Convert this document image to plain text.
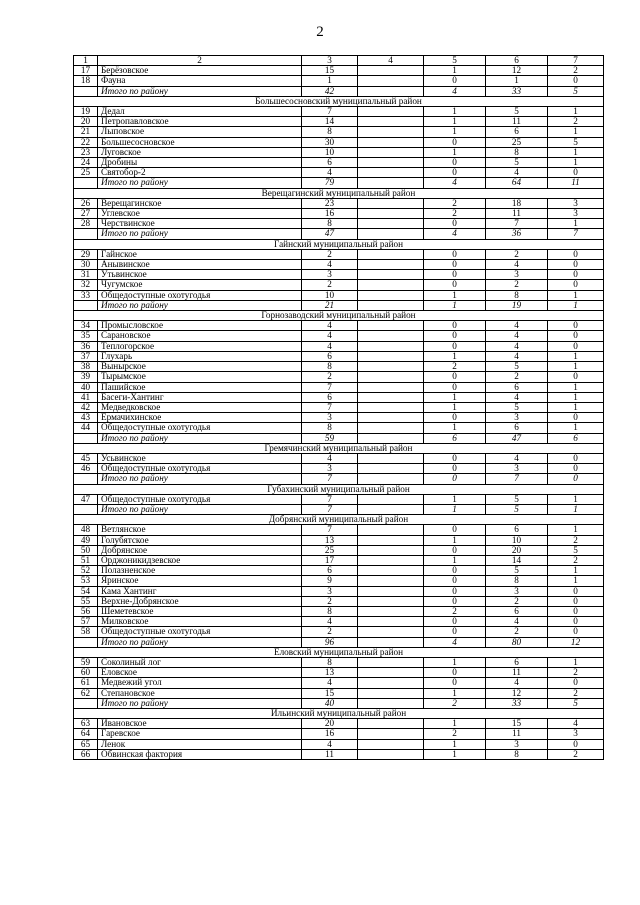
2
1	2	3	4	5	6	7
17	Берёзовское	15		1	12	2
18	Фауна	1		0	1	0
	Итого по району	42		4	33	5
Большесосновский муниципальный район						
19	Дедал	7		1	5	1
20	Петропавловское	14		1	11	2
21	Лыповское	8		1	6	1
22	Большесосновское	30		0	25	5
23	Луговское	10		1	8	1
24	Дробины	6		0	5	1
25	Святобор-2	4		0	4	0
	Итого по району	79		4	64	11
Верещагинский муниципальный район						
26	Верещагинское	23		2	18	3
27	Углевское	16		2	11	3
28	Черствинское	8		0	7	1
	Итого по району	47		4	36	7
Гайнский муниципальный район						
29	Гайнское	2		0	2	0
30	Анывинское	4		0	4	0
31	Утьвинское	3		0	3	0
32	Чугумское	2		0	2	0
33	Общедоступные охотугодья	10		1	8	1
	Итого по району	21		1	19	1
Горнозаводский муниципальный район						
34	Промысловское	4		0	4	0
35	Сарановское	4		0	4	0
36	Теплогорское	4		0	4	0
37	Глухарь	6		1	4	1
38	Вынырское	8		2	5	1
39	Тырымское	2		0	2	0
40	Пашийское	7		0	6	1
41	Басеги-Хантинг	6		1	4	1
42	Медведковское	7		1	5	1
43	Ермачихинское	3		0	3	0
44	Общедоступные охотугодья	8		1	6	1
	Итого по району	59		6	47	6
Гремячинский муниципальный район						
45	Усьвинское	4		0	4	0
46	Общедоступные охотугодья	3		0	3	0
	Итого по району	7		0	7	0
Губахинский муниципальный район						
47	Общедоступные охотугодья	7		1	5	1
	Итого по району	7		1	5	1
Добрянский муниципальный район						
48	Ветлянское	7		0	6	1
49	Голубятское	13		1	10	2
50	Добрянское	25		0	20	5
51	Орджоникидзевское	17		1	14	2
52	Полазненское	6		0	5	1
53	Яринское	9		0	8	1
54	Кама Хантинг	3		0	3	0
55	Верхне-Добрянское	2		0	2	0
56	Шеметевское	8		2	6	0
57	Милковское	4		0	4	0
58	Общедоступные охотугодья	2		0	2	0
	Итого по району	96		4	80	12
Еловский муниципальный район						
59	Соколиный лог	8		1	6	1
60	Еловское	13		0	11	2
61	Медвежий угол	4		0	4	0
62	Степановское	15		1	12	2
	Итого по району	40		2	33	5
Ильинский муниципальный район						
63	Ивановское	20		1	15	4
64	Гаревское	16		2	11	3
65	Ленок	4		1	3	0
66	Обвинская фактория	11		1	8	2
